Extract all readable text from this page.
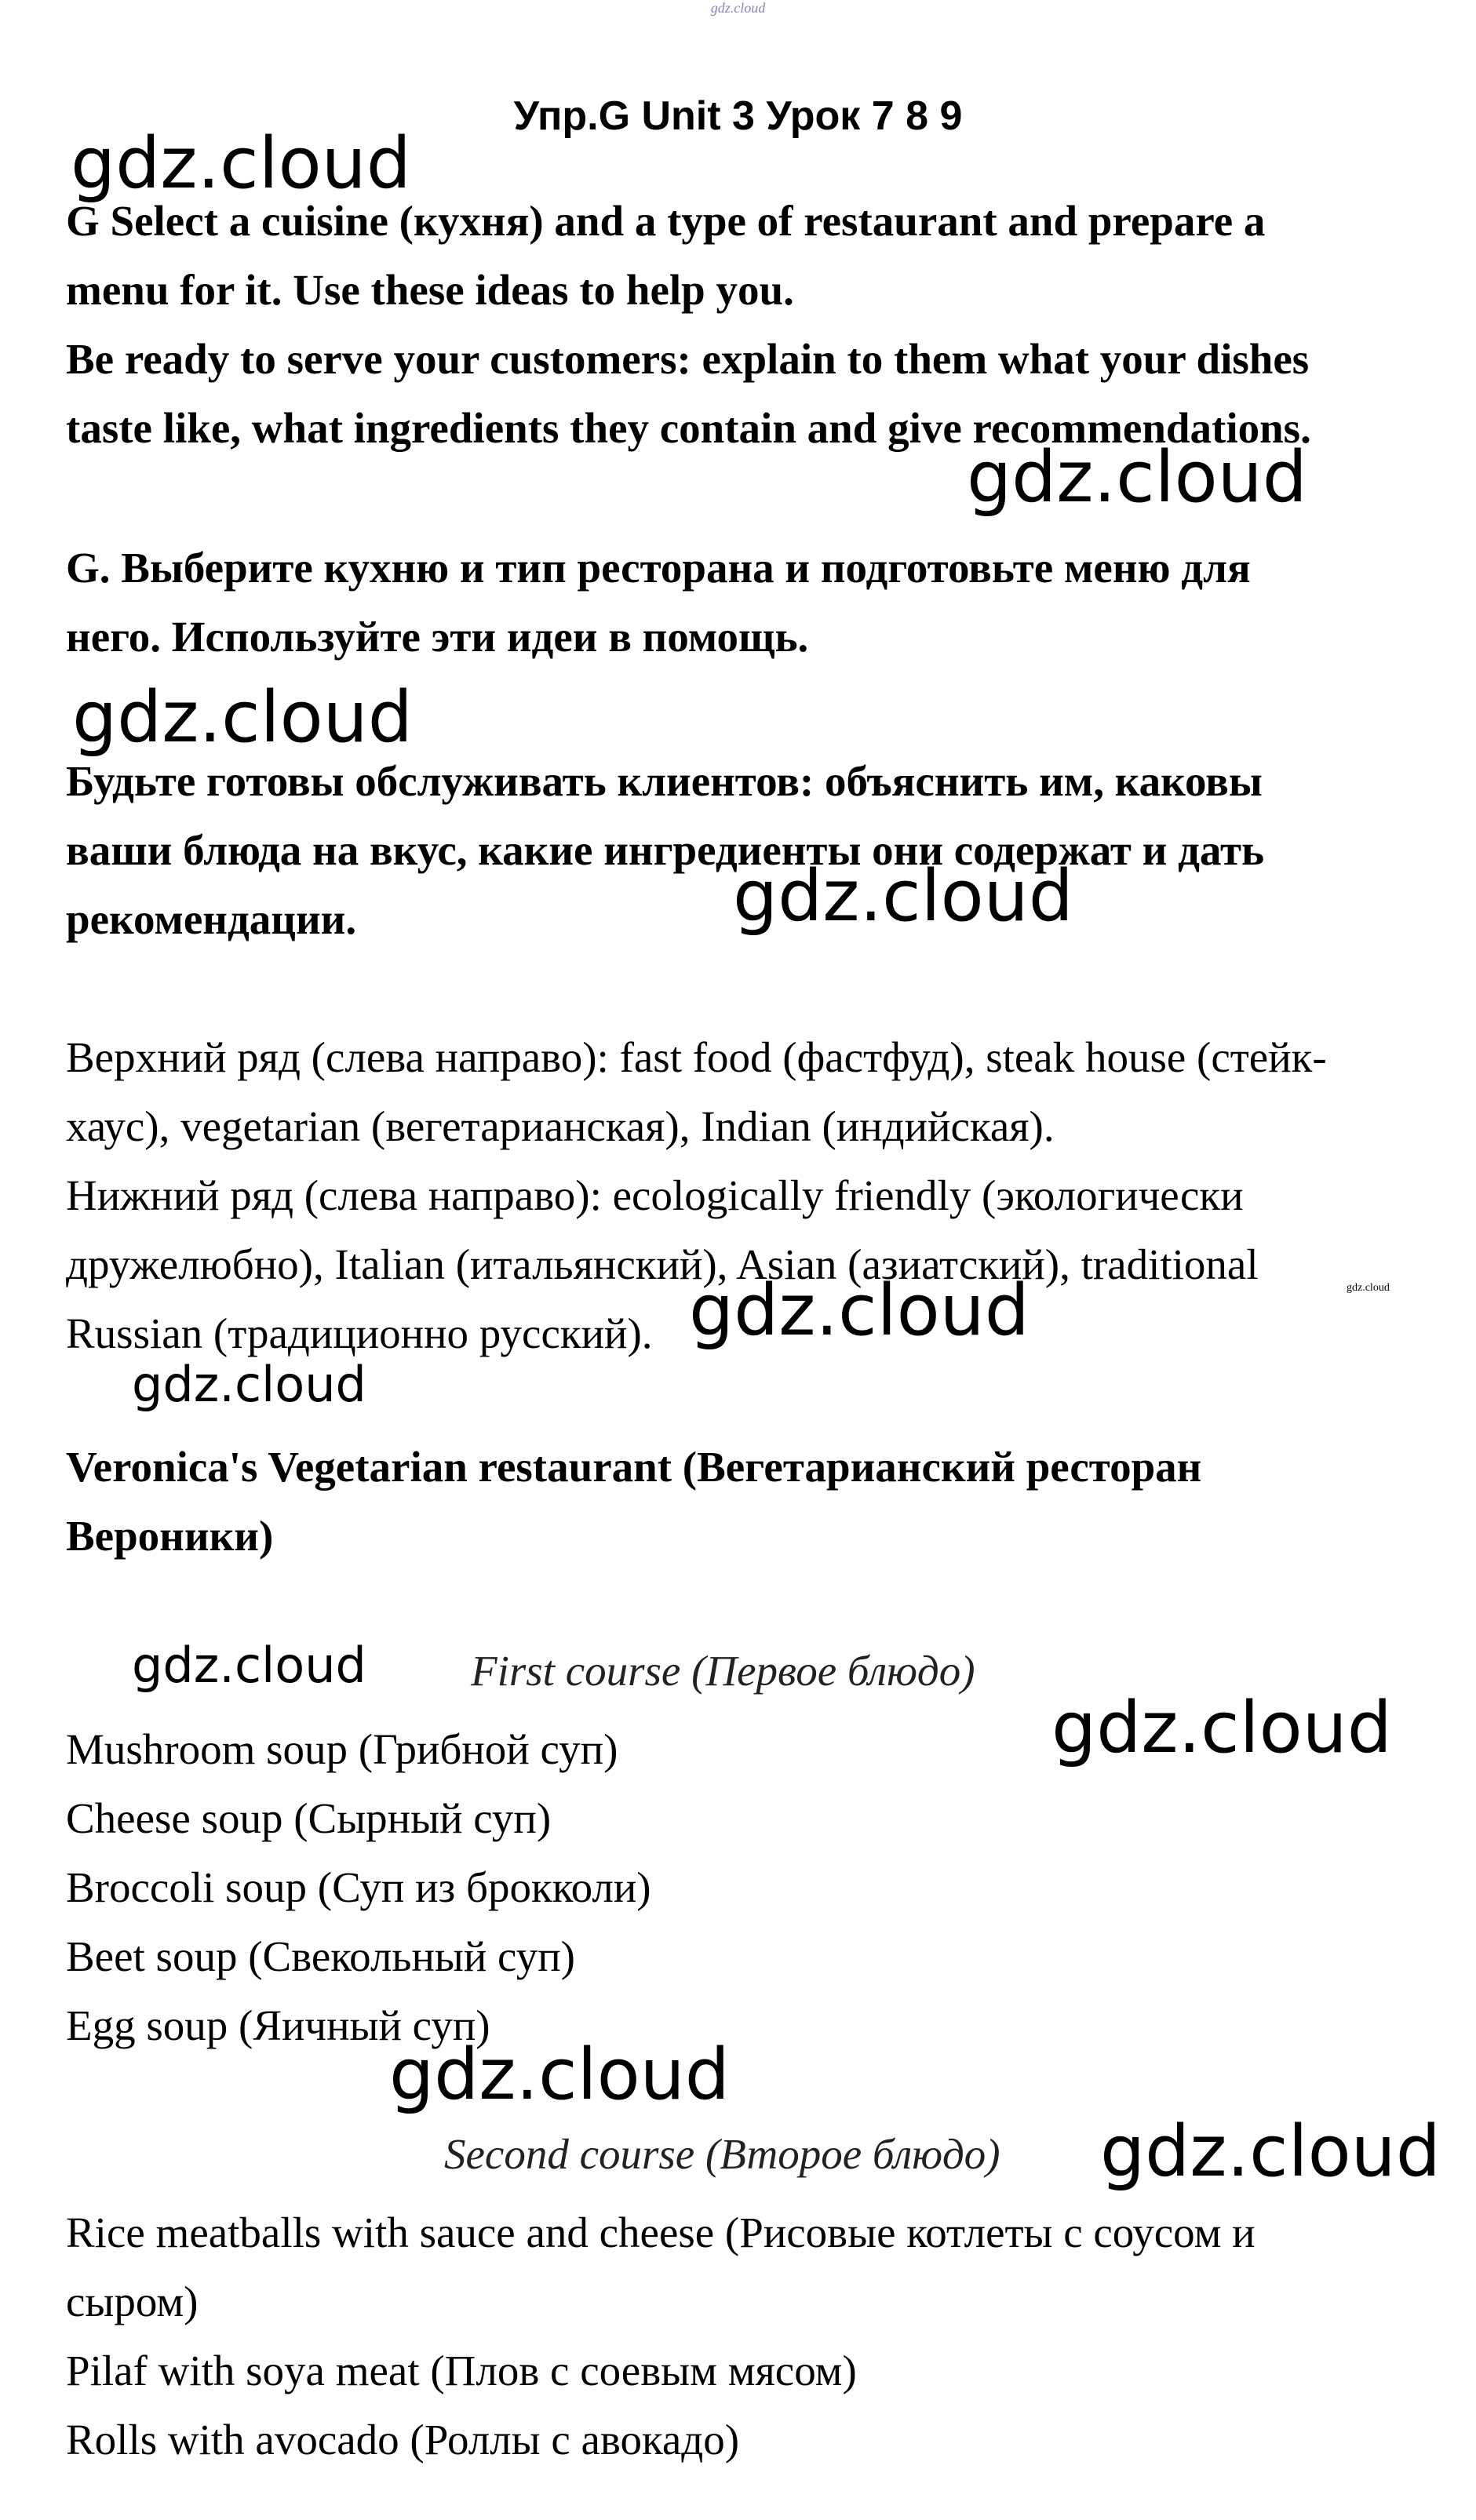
gdz.cloud
Упр.G Unit 3 Урок 7 8 9
G Select a cuisine (кухня) and a type of restaurant and prepare a
menu for it. Use these ideas to help you.
Be ready to serve your customers: explain to them what your dishes
taste like, what ingredients they contain and give recommendations.
G. Выберите кухню и тип ресторана и подготовьте меню для
него. Используйте эти идеи в помощь.
Будьте готовы обслуживать клиентов: объяснить им, каковы
ваши блюда на вкус, какие ингредиенты они содержат и дать
рекомендации.
Верхний ряд (слева направо): fast food (фастфуд), steak house (стейк-
хаус), vegetarian (вегетарианская), Indian (индийская).
Нижний ряд (слева направо): ecologically friendly (экологически
дружелюбно), Italian (итальянский), Asian (азиатский), traditional
Russian (традиционно русский).
Veronica's Vegetarian restaurant (Вегетарианский ресторан
Вероники)
First course (Первое блюдо)
Mushroom soup (Грибной суп)
Cheese soup (Сырный суп)
Broccoli soup (Суп из брокколи)
Beet soup (Свекольный суп)
Egg soup (Яичный суп)
Second course (Второе блюдо)
Rice meatballs with sauce and cheese (Рисовые котлеты с соусом и
сыром)
Pilaf with soya meat (Плов с соевым мясом)
Rolls with avocado (Роллы с авокадо)
gdz.cloud
gdz.cloud
gdz.cloud
gdz.cloud
gdz.cloud	gdz.cloud
gdz.cloud
gdz.cloud
gdz.cloud
gdz.cloud
gdz.cloud
